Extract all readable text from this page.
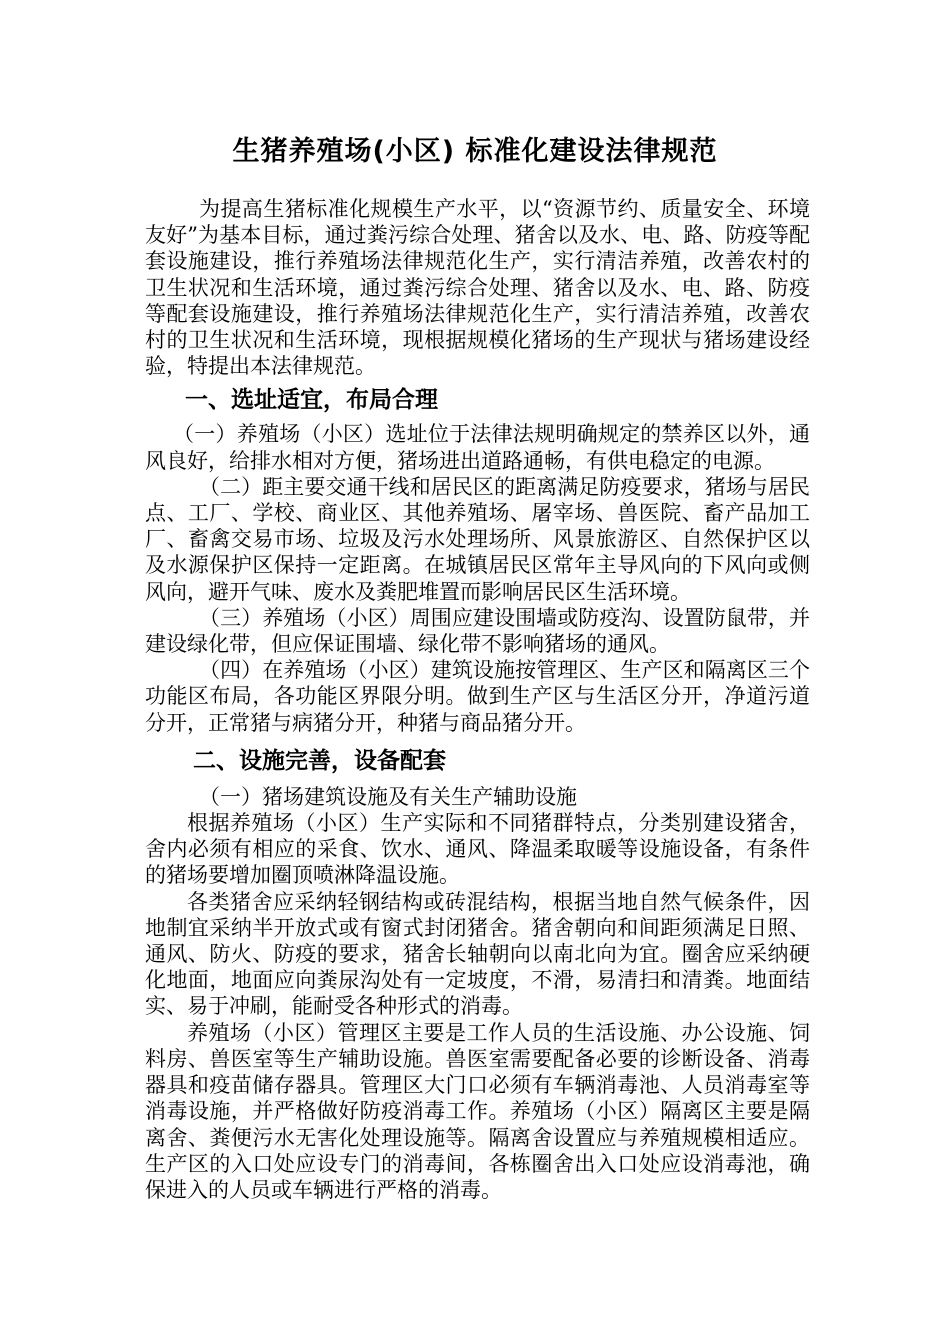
生猪养殖场(小区) 标准化建设法律规范

为提高生猪标准化规模生产水平，以“资源节约、质量安全、环境友好”为基本目标，通过粪污综合处理、猪舍以及水、电、路、防疫等配套设施建设，推行养殖场法律规范化生产，实行清洁养殖，改善农村的卫生状况和生活环境，通过粪污综合处理、猪舍以及水、电、路、防疫等配套设施建设，推行养殖场法律规范化生产，实行清洁养殖，改善农村的卫生状况和生活环境，现根据规模化猪场的生产现状与猪场建设经验，特提出本法律规范。

一、选址适宜，布局合理

（一）养殖场（小区）选址位于法律法规明确规定的禁养区以外，通风良好，给排水相对方便，猪场进出道路通畅，有供电稳定的电源。

（二）距主要交通干线和居民区的距离满足防疫要求，猪场与居民点、工厂、学校、商业区、其他养殖场、屠宰场、兽医院、畜产品加工厂、畜禽交易市场、垃圾及污水处理场所、风景旅游区、自然保护区以及水源保护区保持一定距离。在城镇居民区常年主导风向的下风向或侧风向，避开气味、废水及粪肥堆置而影响居民区生活环境。

（三）养殖场（小区）周围应建设围墙或防疫沟、设置防鼠带，并建设绿化带，但应保证围墙、绿化带不影响猪场的通风。

（四）在养殖场（小区）建筑设施按管理区、生产区和隔离区三个功能区布局，各功能区界限分明。做到生产区与生活区分开，净道污道分开，正常猪与病猪分开，种猪与商品猪分开。

二、设施完善，设备配套

（一）猪场建筑设施及有关生产辅助设施

根据养殖场（小区）生产实际和不同猪群特点，分类别建设猪舍，舍内必须有相应的采食、饮水、通风、降温柔取暖等设施设备，有条件的猪场要增加圈顶喷淋降温设施。

各类猪舍应采纳轻钢结构或砖混结构，根据当地自然气候条件，因地制宜采纳半开放式或有窗式封闭猪舍。猪舍朝向和间距须满足日照、通风、防火、防疫的要求，猪舍长轴朝向以南北向为宜。圈舍应采纳硬化地面，地面应向粪尿沟处有一定坡度，不滑，易清扫和清粪。地面结实、易于冲刷，能耐受各种形式的消毒。

养殖场（小区）管理区主要是工作人员的生活设施、办公设施、饲料房、兽医室等生产辅助设施。兽医室需要配备必要的诊断设备、消毒器具和疫苗储存器具。管理区大门口必须有车辆消毒池、人员消毒室等消毒设施，并严格做好防疫消毒工作。养殖场（小区）隔离区主要是隔离舍、粪便污水无害化处理设施等。隔离舍设置应与养殖规模相适应。生产区的入口处应设专门的消毒间，各栋圈舍出入口处应设消毒池，确保进入的人员或车辆进行严格的消毒。
